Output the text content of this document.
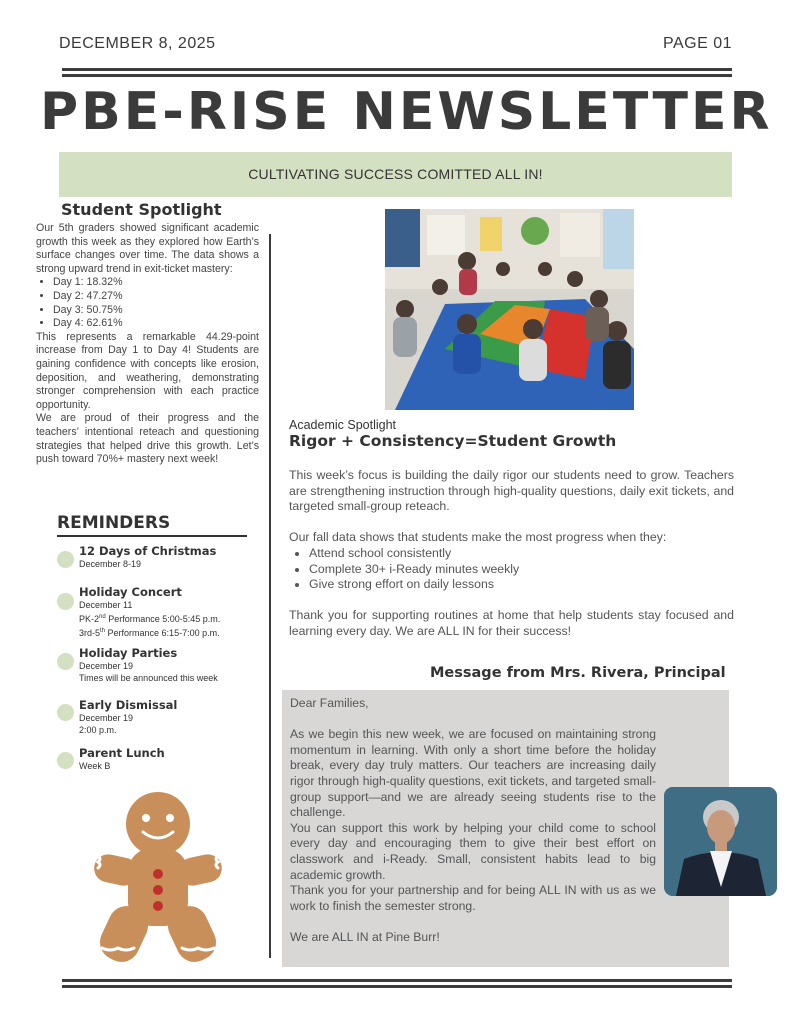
DECEMBER 8, 2025	PAGE 01
PBE-RISE NEWSLETTER
CULTIVATING SUCCESS COMITTED ALL IN!
Student Spotlight

Our 5th graders showed significant academic growth this week as they explored how Earth’s surface changes over time. The data shows a strong upward trend in exit-ticket mastery:

• Day 1: 18.32%
• Day 2: 47.27%
• Day 3: 50.75%
• Day 4: 62.61%

This represents a remarkable 44.29-point increase from Day 1 to Day 4! Students are gaining confidence with concepts like erosion, deposition, and weathering, demonstrating stronger comprehension with each practice opportunity.

We are proud of their progress and the teachers’ intentional reteach and questioning strategies that helped drive this growth. Let’s push toward 70%+ mastery next week!

REMINDERS
12 Days of Christmas
December 8-19
Holiday Concert
December 11
PK-2nd Performance 5:00-5:45 p.m.
3rd-5th Performance 6:15-7:00 p.m.
Holiday Parties
December 19
Times will be announced this week
Early Dismissal
December 19
2:00 p.m.
Parent Lunch
Week B
Academic Spotlight
Rigor + Consistency=Student Growth

This week’s focus is building the daily rigor our students need to grow. Teachers are strengthening instruction through high-quality questions, daily exit tickets, and targeted small-group reteach.

Our fall data shows that students make the most progress when they:

• Attend school consistently
• Complete 30+ i-Ready minutes weekly
• Give strong effort on daily lessons

Thank you for supporting routines at home that help students stay focused and learning every day. We are ALL IN for their success!

Message from Mrs. Rivera, Principal

Dear Families,

As we begin this new week, we are focused on maintaining strong momentum in learning. With only a short time before the holiday break, every day truly matters. Our teachers are increasing daily rigor through high-quality questions, exit tickets, and targeted small-group support—and we are already seeing students rise to the challenge.

You can support this work by helping your child come to school every day and encouraging them to give their best effort on classwork and i-Ready. Small, consistent habits lead to big academic growth.

Thank you for your partnership and for being ALL IN with us as we work to finish the semester strong.

We are ALL IN at Pine Burr!
